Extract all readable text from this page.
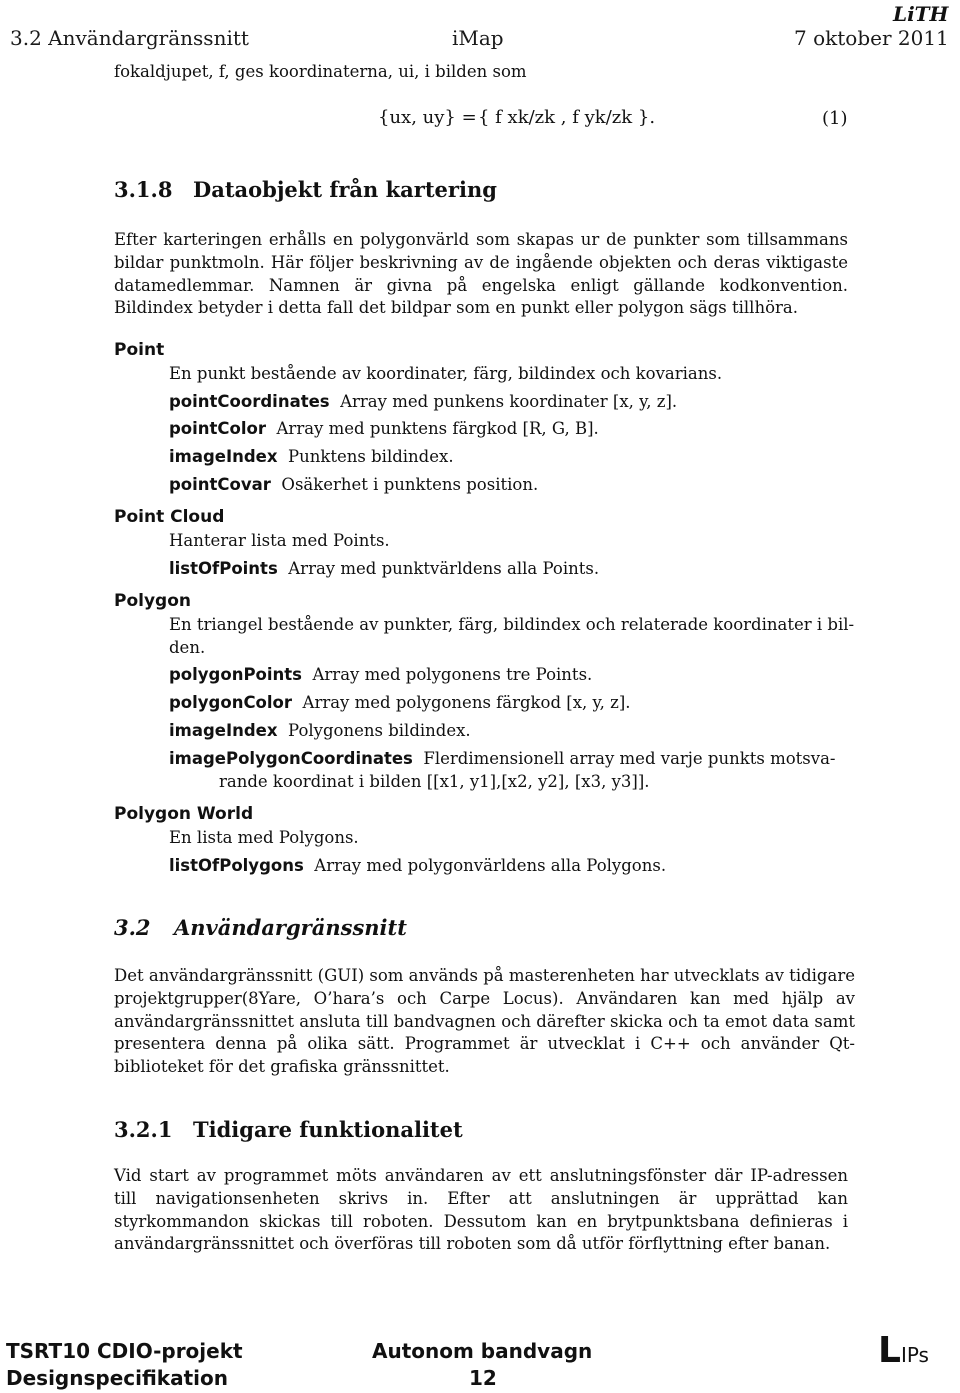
3.2 Användargränssnitt	iMap	7 oktober 2011
LiTH
fokaldjupet, f, ges koordinaterna, ui, i bilden som
{ux, uy} = { f xk/zk , f yk/zk }.	(1)
3.1.8 Dataobjekt från kartering
Efter karteringen erhålls en polygonvärld som skapas ur de punkter som tillsammans bildar punktmoln. Här följer beskrivning av de ingående objekten och deras viktigaste datamedlemmar. Namnen är givna på engelska enligt gällande kodkonvention. Bildindex betyder i detta fall det bildpar som en punkt eller polygon sägs tillhöra.
Point
En punkt bestående av koordinater, färg, bildindex och kovarians.
pointCoordinates Array med punkens koordinater [x, y, z].
pointColor Array med punktens färgkod [R, G, B].
imageIndex Punktens bildindex.
pointCovar Osäkerhet i punktens position.
Point Cloud
Hanterar lista med Points.
listOfPoints Array med punktvärldens alla Points.
Polygon
En triangel bestående av punkter, färg, bildindex och relaterade koordinater i bil-
den.
polygonPoints Array med polygonens tre Points.
polygonColor Array med polygonens färgkod [x, y, z].
imageIndex Polygonens bildindex.
imagePolygonCoordinates Flerdimensionell array med varje punkts motsva-
rande koordinat i bilden [[x1, y1],[x2, y2], [x3, y3]].
Polygon World
En lista med Polygons.
listOfPolygons Array med polygonvärldens alla Polygons.
3.2 Användargränssnitt
Det användargränssnitt (GUI) som används på masterenheten har utvecklats av tidigare projektgrupper(8Yare, O’hara’s och Carpe Locus). Användaren kan med hjälp av användargränssnittet ansluta till bandvagnen och därefter skicka och ta emot data samt presentera denna på olika sätt. Programmet är utvecklat i C++ och använder Qt-biblioteket för det grafiska gränssnittet.
3.2.1 Tidigare funktionalitet
Vid start av programmet möts användaren av ett anslutningsfönster där IP-adressen till navigationsenheten skrivs in. Efter att anslutningen är upprättad kan styrkommandon skickas till roboten. Dessutom kan en brytpunktsbana definieras i användargränssnittet och överföras till roboten som då utför förflyttning efter banan.
TSRT10 CDIO-projekt
Designspecifikation
Autonom bandvagn
12
LIPs
